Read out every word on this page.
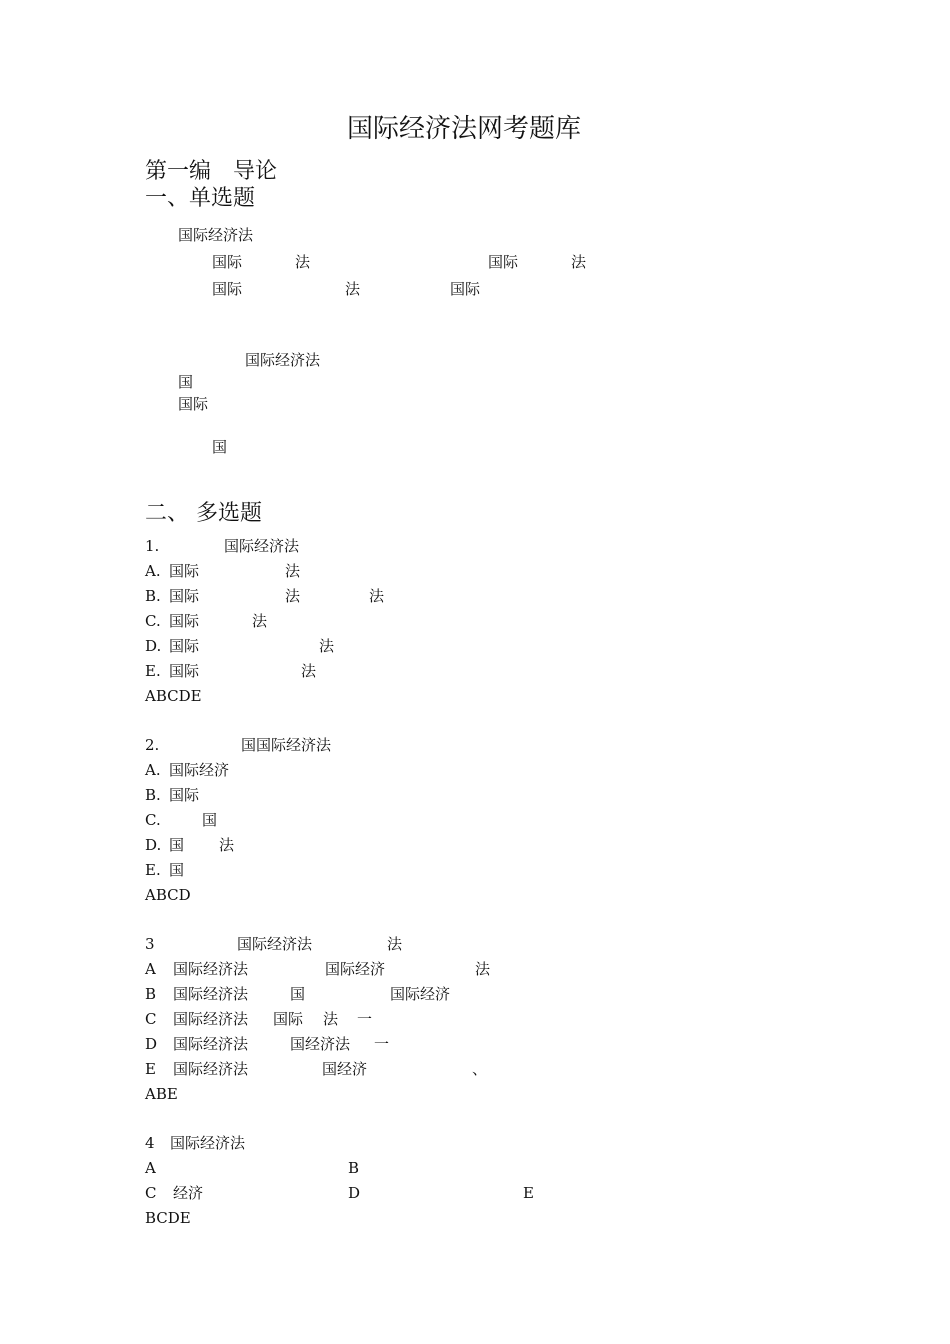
国际经济法网考题库
第一编　导论
一、单选题
国际经济法
国际	法	国际	法
国际	法	国际
国际经济法
国
国际
国
二、 多选题
1.	国际经济法
A. 国际	法
B. 国际	法	法
C. 国际	法
D. 国际	法
E. 国际	法
ABCDE
2.	国国际经济法
A. 国际经济
B. 国际
C.	国
D. 国 法
E. 国
ABCD
3	国际经济法	法
A 国际经济法	国际经济	法
B 国际经济法	国	国际经济
C 国际经济法 国际 法 一
D 国际经济法	国经济法 一
E 国际经济法	国经济	、
ABE
4 国际经济法
A	B
C 经济	D	E
BCDE
